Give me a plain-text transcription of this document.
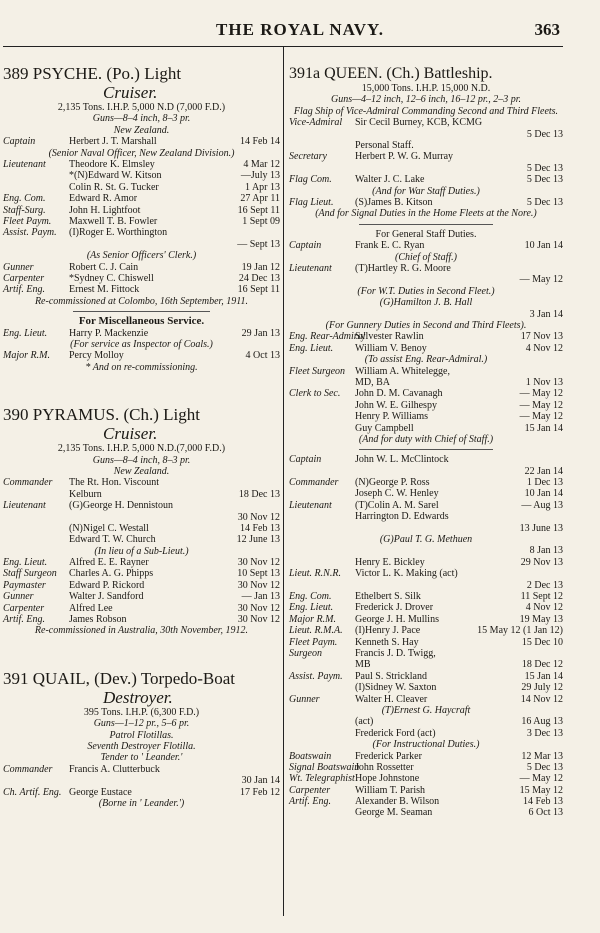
THE ROYAL NAVY.	363
389 PSYCHE. (Po.) Light
Cruiser.
2,135 Tons. I.H.P. 5,000 N.D (7,000 F.D.)
Guns—8–4 inch, 8–3 pr.
New Zealand.
Captain	Herbert J. T. Marshall	14 Feb 14
(Senior Naval Officer, New Zealand Division.)
Lieutenant Theodore K. Elmsley	4 Mar 12
*(N)Edward W. Kitson	—July 13
Colin R. St. G. Tucker	1 Apr 13
Eng. Com. Edward R. Amor	27 Apr 11
Staff-Surg. John H. Lightfoot	16 Sept 11
Fleet Paym. Maxwell T. B. Fowler	1 Sept 09
Assist. Paym. (I)Roger E. Worthington
— Sept 13
(As Senior Officers' Clerk.)
Gunner	Robert C. J. Cain	19 Jan 12
Carpenter *Sydney C. Chiswell	24 Dec 13
Artif. Eng. Ernest M. Fittock	16 Sept 11
Re-commissioned at Colombo, 16th September, 1911.
For Miscellaneous Service.
Eng. Lieut. Harry P. Mackenzie	29 Jan 13
(For service as Inspector of Coals.)
Major R.M. Percy Molloy	4 Oct 13
* And on re-commissioning.
390 PYRAMUS. (Ch.) Light
Cruiser.
2,135 Tons. I.H.P. 5,000 N.D.(7,000 F.D.)
Guns—8–4 inch, 8–3 pr.
New Zealand.
Commander The Rt. Hon. Viscount
Kelburn	18 Dec 13
Lieutenant (G)George H. Dennistoun
30 Nov 12
(N)Nigel C. Westall	14 Feb 13
Edward T. W. Church	12 June 13
(In lieu of a Sub-Lieut.)
Eng. Lieut. Alfred E. E. Rayner	30 Nov 12
Staff Surgeon Charles A. G. Phipps	10 Sept 13
Paymaster Edward P. Rickord	30 Nov 12
Gunner	Walter J. Sandford	— Jan 13
Carpenter Alfred Lee	30 Nov 12
Artif. Eng. James Robson	30 Nov 12
Re-commissioned in Australia, 30th November, 1912.
391 QUAIL, (Dev.) Torpedo-Boat
Destroyer.
395 Tons. I.H.P. (6,300 F.D.)
Guns—1–12 pr., 5–6 pr.
Patrol Flotillas.
Seventh Destroyer Flotilla.
Tender to ' Leander.'
Commander Francis A. Clutterbuck
30 Jan 14
Ch. Artif. Eng. George Eustace	17 Feb 12
(Borne in ' Leander.')
391a QUEEN. (Ch.) Battleship.
15,000 Tons. I.H.P. 15,000 N.D.
Guns—4–12 inch, 12–6 inch, 16–12 pr., 2–3 pr.
Flag Ship of Vice-Admiral Commanding Second and Third Fleets.
Vice-Admiral Sir Cecil Burney, KCB, KCMG
5 Dec 13
Personal Staff.
Secretary	Herbert P. W. G. Murray
5 Dec 13
Flag Com. Walter J. C. Lake	5 Dec 13
(And for War Staff Duties.)
Flag Lieut. (S)James B. Kitson	5 Dec 13
(And for Signal Duties in the Home Fleets at the Nore.)
For General Staff Duties.
Captain	Frank E. C. Ryan	10 Jan 14
(Chief of Staff.)
Lieutenant (T)Hartley R. G. Moore
— May 12
(For W.T. Duties in Second Fleet.)
(G)Hamilton J. B. Hall
3 Jan 14
(For Gunnery Duties in Second and Third Fleets).
Eng. Rear-Admiral
Sylvester Rawlin	17 Nov 13
Eng. Lieut. William V. Benoy	4 Nov 12
(To assist Eng. Rear-Admiral.)
Fleet Surgeon William A. Whitelegge,
MD, BA	1 Nov 13
Clerk to Sec. John D. M. Cavanagh	— May 12
John W. E. Gilhespy	— May 12
Henry P. Williams	— May 12
Guy Campbell	15 Jan 14
(And for duty with Chief of Staff.)
Captain	John W. L. McClintock
22 Jan 14
Commander (N)George P. Ross	1 Dec 13
Joseph C. W. Henley	10 Jan 14
Lieutenant (T)Colin A. M. Sarel	— Aug 13
Harrington D. Edwards
13 June 13
(G)Paul T. G. Methuen
8 Jan 13
Henry E. Bickley	29 Nov 13
Lieut. R.N.R. Victor L. K. Making (act)
2 Dec 13
Eng. Com. Ethelbert S. Silk	11 Sept 12
Eng. Lieut. Frederick J. Drover	4 Nov 12
Major R.M. George J. H. Mullins	19 May 13
Lieut. R.M.A. (I)Henry J. Pace	15 May 12 (1 Jan 12)
Fleet Paym. Kenneth S. Hay	15 Dec 10
Surgeon	Francis J. D. Twigg,
MB	18 Dec 12
Assist. Paym. Paul S. Strickland	15 Jan 14
(I)Sidney W. Saxton	29 July 12
Gunner	Walter H. Cleaver	14 Nov 12
(T)Ernest G. Haycraft
(act)	16 Aug 13
Frederick Ford (act)	3 Dec 13
(For Instructional Duties.)
Boatswain Frederick Parker	12 Mar 13
Signal Boatswain
John Rossetter	5 Dec 13
Wt. Telegraphist Hope Johnstone	— May 12
Carpenter William T. Parish	15 May 12
Artif. Eng. Alexander B. Wilson	14 Feb 13
George M. Seaman	6 Oct 13
